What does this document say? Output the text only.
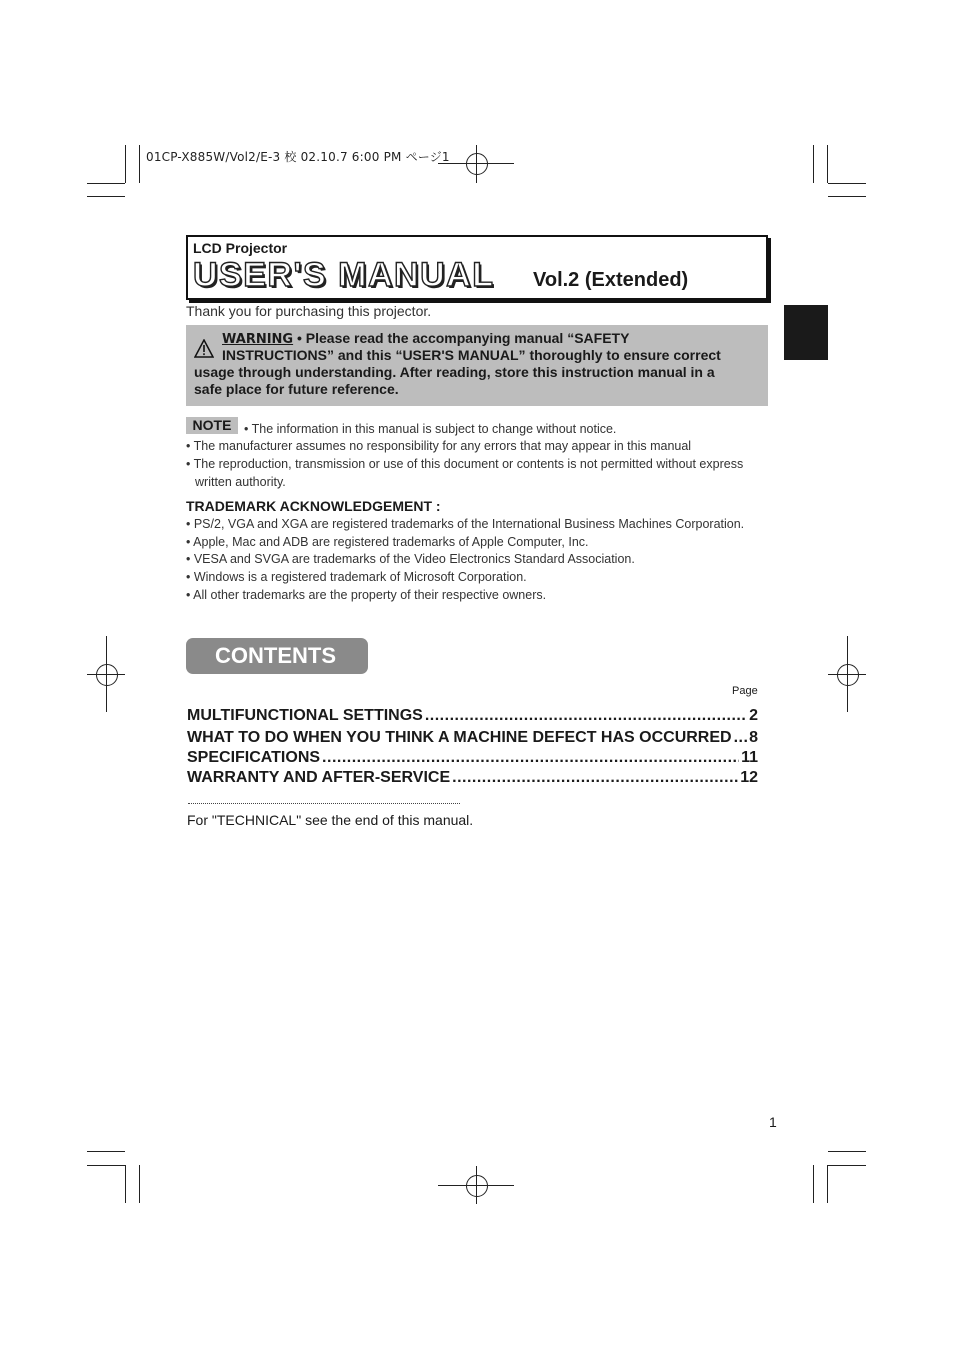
01CP-X885W/Vol2/E-3 校 02.10.7 6:00 PM ページ1
LCD Projector
USER'S MANUAL Vol.2 (Extended)
Thank you for purchasing this projector.
WARNING • Please read the accompanying manual “SAFETY
INSTRUCTIONS” and this “USER'S MANUAL” thoroughly to ensure correct
usage through understanding. After reading, store this instruction manual in a
safe place for future reference.
NOTE	• The information in this manual is subject to change without notice.
• The manufacturer assumes no responsibility for any errors that may appear in this manual
• The reproduction, transmission or use of this document or contents is not permitted without express
written authority.
TRADEMARK ACKNOWLEDGEMENT :
• PS/2, VGA and XGA are registered trademarks of the International Business Machines Corporation.
• Apple, Mac and ADB are registered trademarks of Apple Computer, Inc.
• VESA and SVGA are trademarks of the Video Electronics Standard Association.
• Windows is a registered trademark of Microsoft Corporation.
• All other trademarks are the property of their respective owners.
CONTENTS
Page
MULTIFUNCTIONAL SETTINGS .....	2
WHAT TO DO WHEN YOU THINK A MACHINE DEFECT HAS OCCURRED ..... 8
SPECIFICATIONS .....	11
WARRANTY AND AFTER-SERVICE .....	12
For "TECHNICAL" see the end of this manual.
1
